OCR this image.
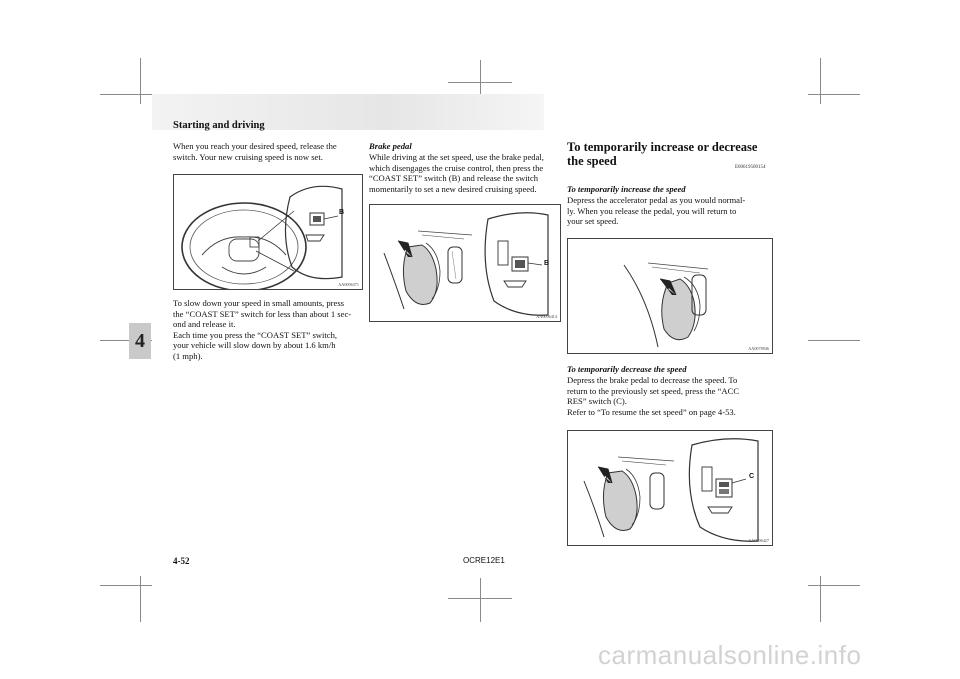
Starting and driving
4
When you reach your desired speed, release the
switch. Your new cruising speed is now set.
B
AA0096371
To slow down your speed in small amounts, press
the “COAST SET” switch for less than about 1 sec-
ond and release it.
Each time you press the “COAST SET” switch,
your vehicle will slow down by about 1.6 km/h
(1 mph).
Brake pedal
While driving at the set speed, use the brake pedal,
which disengages the cruise control, then press the
“COAST SET” switch (B) and release the switch
momentarily to set a new desired cruising speed.
B
AA0096414
To temporarily increase or decrease
the speed	E00619500154
To temporarily increase the speed
Depress the accelerator pedal as you would normal-
ly. When you release the pedal, you will return to
your set speed.
AA0078946
To temporarily decrease the speed
Depress the brake pedal to decrease the speed. To
return to the previously set speed, press the “ACC
RES” switch (C).
Refer to “To resume the set speed” on page 4-53.
C
AA0096427
4-52	OCRE12E1
carmanualsonline.info
